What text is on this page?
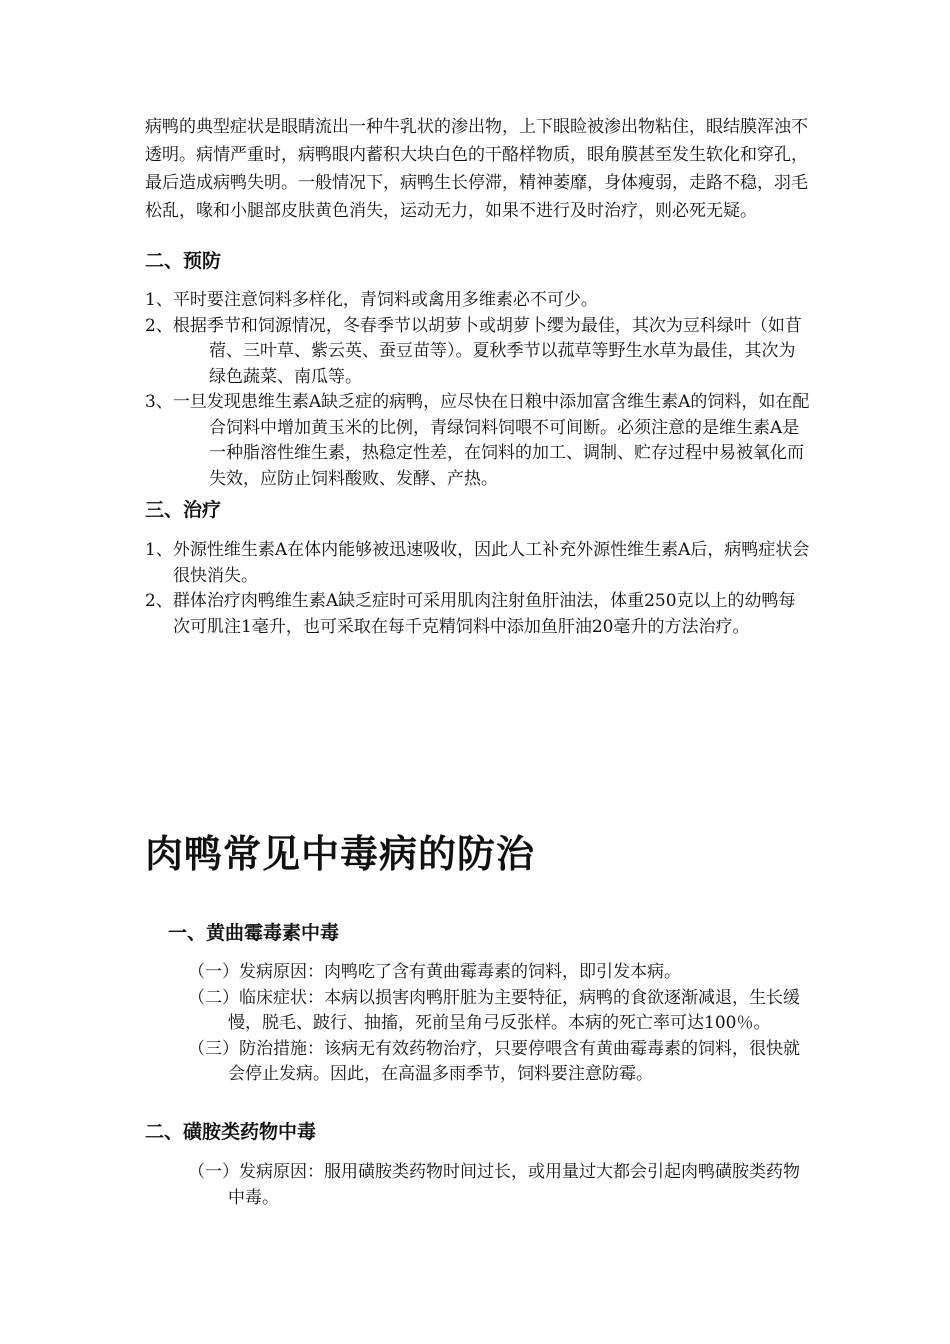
病鸭的典型症状是眼睛流出一种牛乳状的渗出物，上下眼睑被渗出物粘住，眼结膜浑浊不透明。病情严重时，病鸭眼内蓄积大块白色的干酪样物质，眼角膜甚至发生软化和穿孔，最后造成病鸭失明。一般情况下，病鸭生长停滞，精神萎靡，身体瘦弱，走路不稳，羽毛松乱，喙和小腿部皮肤黄色消失，运动无力，如果不进行及时治疗，则必死无疑。

二、预防
1、平时要注意饲料多样化，青饲料或禽用多维素必不可少。
2、根据季节和饲源情况，冬春季节以胡萝卜或胡萝卜缨为最佳，其次为豆科绿叶（如苜蓿、三叶草、紫云英、蚕豆苗等）。夏秋季节以菰草等野生水草为最佳，其次为绿色蔬菜、南瓜等。
3、一旦发现患维生素A缺乏症的病鸭，应尽快在日粮中添加富含维生素A的饲料，如在配合饲料中增加黄玉米的比例，青绿饲料饲喂不可间断。必须注意的是维生素A是一种脂溶性维生素，热稳定性差，在饲料的加工、调制、贮存过程中易被氧化而失效，应防止饲料酸败、发酵、产热。
三、治疗
1、外源性维生素A在体内能够被迅速吸收，因此人工补充外源性维生素A后，病鸭症状会很快消失。
2、群体治疗肉鸭维生素A缺乏症时可采用肌肉注射鱼肝油法，体重250克以上的幼鸭每次可肌注1毫升，也可采取在每千克精饲料中添加鱼肝油20毫升的方法治疗。
肉鸭常见中毒病的防治
一、黄曲霉毒素中毒
（一）发病原因：肉鸭吃了含有黄曲霉毒素的饲料，即引发本病。
（二）临床症状：本病以损害肉鸭肝脏为主要特征，病鸭的食欲逐渐减退，生长缓慢，脱毛、跛行、抽搐，死前呈角弓反张样。本病的死亡率可达100％。
（三）防治措施：该病无有效药物治疗，只要停喂含有黄曲霉毒素的饲料，很快就会停止发病。因此，在高温多雨季节，饲料要注意防霉。
二、磺胺类药物中毒
（一）发病原因：服用磺胺类药物时间过长，或用量过大都会引起肉鸭磺胺类药物中毒。
